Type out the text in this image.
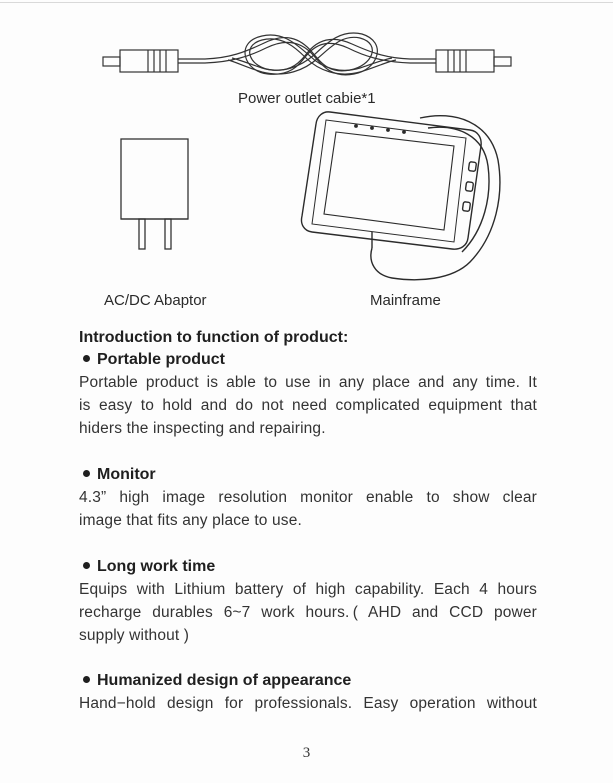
Power outlet cabie*1
AC/DC Abaptor	Mainframe
Introduction to function of product:
Portable product
Portable product is able to use in any place and any time. It
is easy to hold and do not need complicated equipment that
hiders the inspecting and repairing.
Monitor
4.3” high image resolution monitor enable to show clear
image that fits any place to use.
Long work time
Equips with Lithium battery of high capability. Each 4 hours
recharge durables 6~7 work hours. ( AHD and CCD power
supply without )
Humanized design of appearance
Hand−hold design for professionals. Easy operation without
3
